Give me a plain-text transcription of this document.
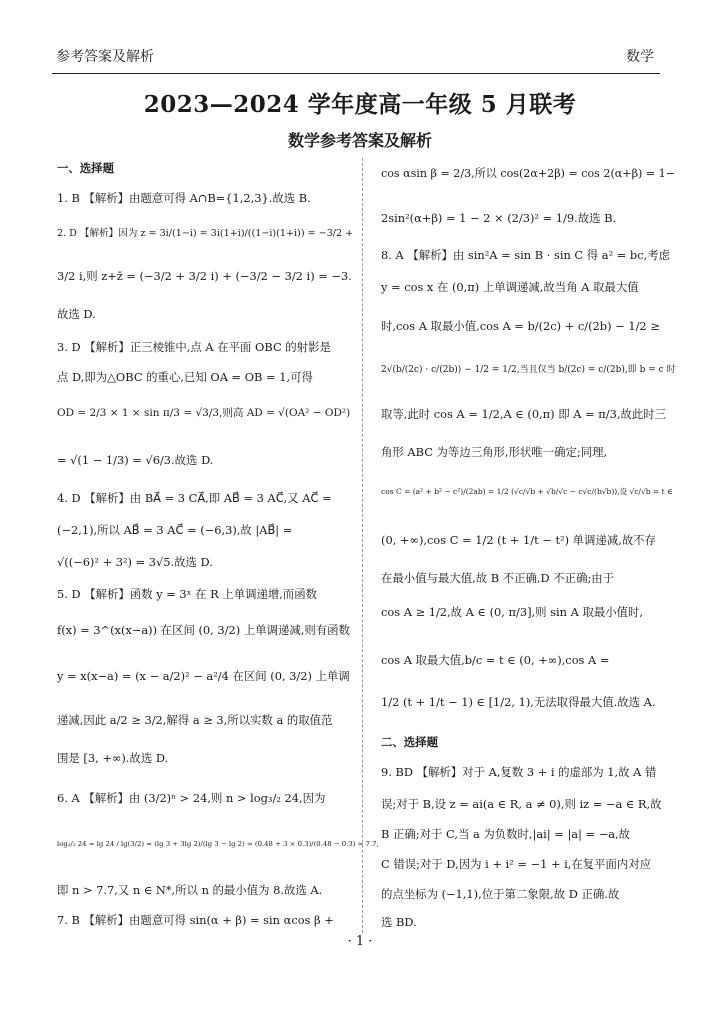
参考答案及解析	数学
2023—2024 学年度高一年级 5 月联考
数学参考答案及解析
一、选择题
1. B 【解析】由题意可得 A∩B={1,2,3}.故选 B.
2. D 【解析】因为 z = 3i/(1−i) = 3i(1+i)/((1−i)(1+i)) = −3/2 +
3/2 i,则 z+z̄ = (−3/2 + 3/2 i) + (−3/2 − 3/2 i) = −3.
故选 D.
3. D 【解析】正三棱锥中,点 A 在平面 OBC 的射影是
点 D,即为△OBC 的重心,已知 OA = OB = 1,可得
OD = 2/3 × 1 × sin π/3 = √3/3,则高 AD = √(OA² − OD²)
= √(1 − 1/3) = √6/3.故选 D.
4. D 【解析】由 BA⃗ = 3 CA⃗,即 AB⃗ = 3 AC⃗,又 AC⃗ =
(−2,1),所以 AB⃗ = 3 AC⃗ = (−6,3),故 |AB⃗| =
√((−6)² + 3²) = 3√5.故选 D.
5. D 【解析】函数 y = 3ˣ 在 R 上单调递增,而函数
f(x) = 3^(x(x−a)) 在区间 (0, 3/2) 上单调递减,则有函数
y = x(x−a) = (x − a/2)² − a²/4 在区间 (0, 3/2) 上单调
递减,因此 a/2 ≥ 3/2,解得 a ≥ 3,所以实数 a 的取值范
围是 [3, +∞).故选 D.
6. A 【解析】由 (3/2)ⁿ > 24,则 n > log₃/₂ 24,因为
log₃/₂ 24 = lg 24 / lg(3/2) = (lg 3 + 3lg 2)/(lg 3 − lg 2) ≈ (0.48 + 3 × 0.3)/(0.48 − 0.3) ≈ 7.7,
即 n > 7.7,又 n ∈ N*,所以 n 的最小值为 8.故选 A.
7. B 【解析】由题意可得 sin(α + β) = sin αcos β +
cos αsin β = 2/3,所以 cos(2α+2β) = cos 2(α+β) = 1−
2sin²(α+β) = 1 − 2 × (2/3)² = 1/9.故选 B.
8. A 【解析】由 sin²A = sin B · sin C 得 a² = bc,考虑
y = cos x 在 (0,π) 上单调递减,故当角 A 取最大值
时,cos A 取最小值,cos A = b/(2c) + c/(2b) − 1/2 ≥
2√(b/(2c) · c/(2b)) − 1/2 = 1/2,当且仅当 b/(2c) = c/(2b),即 b = c 时
取等,此时 cos A = 1/2,A ∈ (0,π) 即 A = π/3,故此时三
角形 ABC 为等边三角形,形状唯一确定;同理,
cos C = (a² + b² − c²)/(2ab) = 1/2 (√c/√b + √b/√c − c√c/(b√b)),设 √c/√b = t ∈
(0, +∞),cos C = 1/2 (t + 1/t − t²) 单调递减,故不存
在最小值与最大值,故 B 不正确,D 不正确;由于
cos A ≥ 1/2,故 A ∈ (0, π/3],则 sin A 取最小值时,
cos A 取最大值,b/c = t ∈ (0, +∞),cos A =
1/2 (t + 1/t − 1) ∈ [1/2, 1),无法取得最大值.故选 A.
二、选择题
9. BD 【解析】对于 A,复数 3 + i 的虚部为 1,故 A 错
误;对于 B,设 z = ai(a ∈ R, a ≠ 0),则 iz = −a ∈ R,故
B 正确;对于 C,当 a 为负数时,|ai| = |a| = −a,故
C 错误;对于 D,因为 i + i² = −1 + i,在复平面内对应
的点坐标为 (−1,1),位于第二象限,故 D 正确.故
选 BD.
· 1 ·
